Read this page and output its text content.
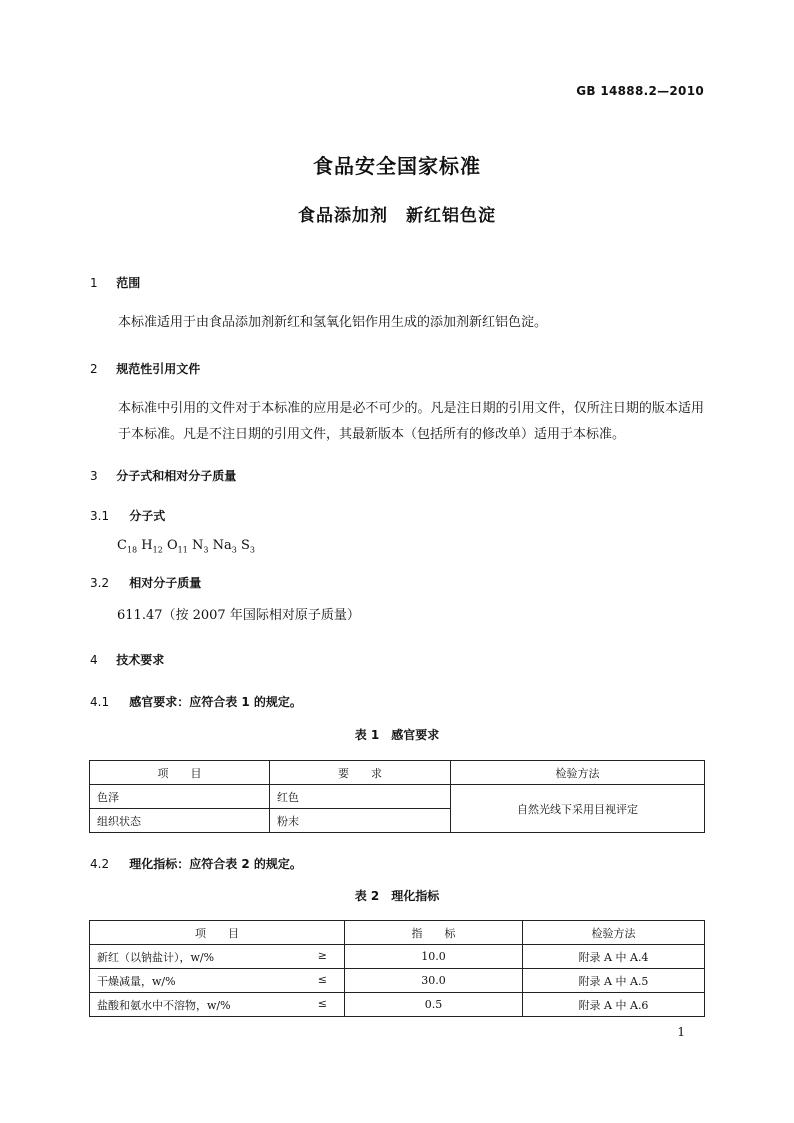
GB 14888.2—2010
食品安全国家标准
食品添加剂　新红铝色淀
1 范围
本标准适用于由食品添加剂新红和氢氧化铝作用生成的添加剂新红铝色淀。
2 规范性引用文件
本标准中引用的文件对于本标准的应用是必不可少的。凡是注日期的引用文件，仅所注日期的版本适用于本标准。凡是不注日期的引用文件，其最新版本（包括所有的修改单）适用于本标准。
3 分子式和相对分子质量
3.1 分子式
$C_{18}$ $H_{12}$ $O_{11}$ $N_3$ $Na_3$ $S_3$
3.2 相对分子质量
611.47（按 2007 年国际相对原子质量）
4 技术要求
4.1 感官要求：应符合表 1 的规定。
表 1　感官要求
项　　目	要　　求	检验方法
色泽	红色	自然光线下采用目视评定
组织状态	粉末	
4.2 理化指标：应符合表 2 的规定。
表 2　理化指标
项　　目	指　　标	检验方法
新红（以钠盐计），w/% ≥	10.0	附录 A 中 A.4
干燥减量，w/% ≤	30.0	附录 A 中 A.5
盐酸和氨水中不溶物，w/% ≤	0.5	附录 A 中 A.6
1
